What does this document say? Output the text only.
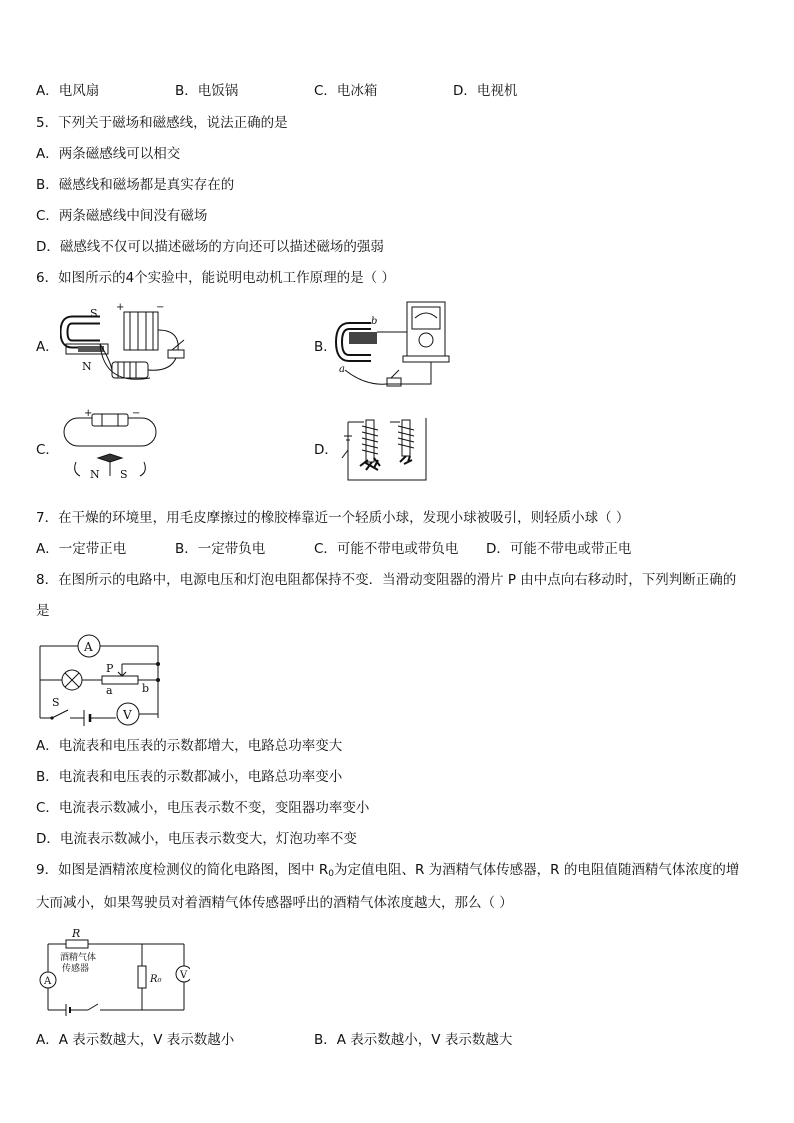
A．电风扇	B．电饭锅	C．电冰箱	D．电视机
5．下列关于磁场和磁感线，说法正确的是
A．两条磁感线可以相交
B．磁感线和磁场都是真实存在的
C．两条磁感线中间没有磁场
D．磁感线不仅可以描述磁场的方向还可以描述磁场的强弱
6．如图所示的4个实验中，能说明电动机工作原理的是（ ）
A．	B．
C．	D．
S
N
+	−
b
a
+	−
N S
7．在干燥的环境里，用毛皮摩擦过的橡胶棒靠近一个轻质小球，发现小球被吸引，则轻质小球（ ）
A．一定带正电	B．一定带负电	C．可能不带电或带负电 D．可能不带电或带正电
8．在图所示的电路中，电源电压和灯泡电阻都保持不变．当滑动变阻器的滑片 P 由中点向右移动时，下列判断正确的
是
A
P
a	b
S
V
A．电流表和电压表的示数都增大，电路总功率变大
B．电流表和电压表的示数都减小，电路总功率变小
C．电流表示数减小，电压表示数不变，变阻器功率变小
D．电流表示数减小，电压表示数变大，灯泡功率不变
9．如图是酒精浓度检测仪的简化电路图，图中 $R_0$为定值电阻、R 为酒精气体传感器，R 的电阻值随酒精气体浓度的增
大而减小，如果驾驶员对着酒精气体传感器呼出的酒精气体浓度越大，那么（ ）
R
酒精气体
传感器
A	R₀ V
A．A 表示数越大，V 表示数越小	B．A 表示数越小，V 表示数越大
